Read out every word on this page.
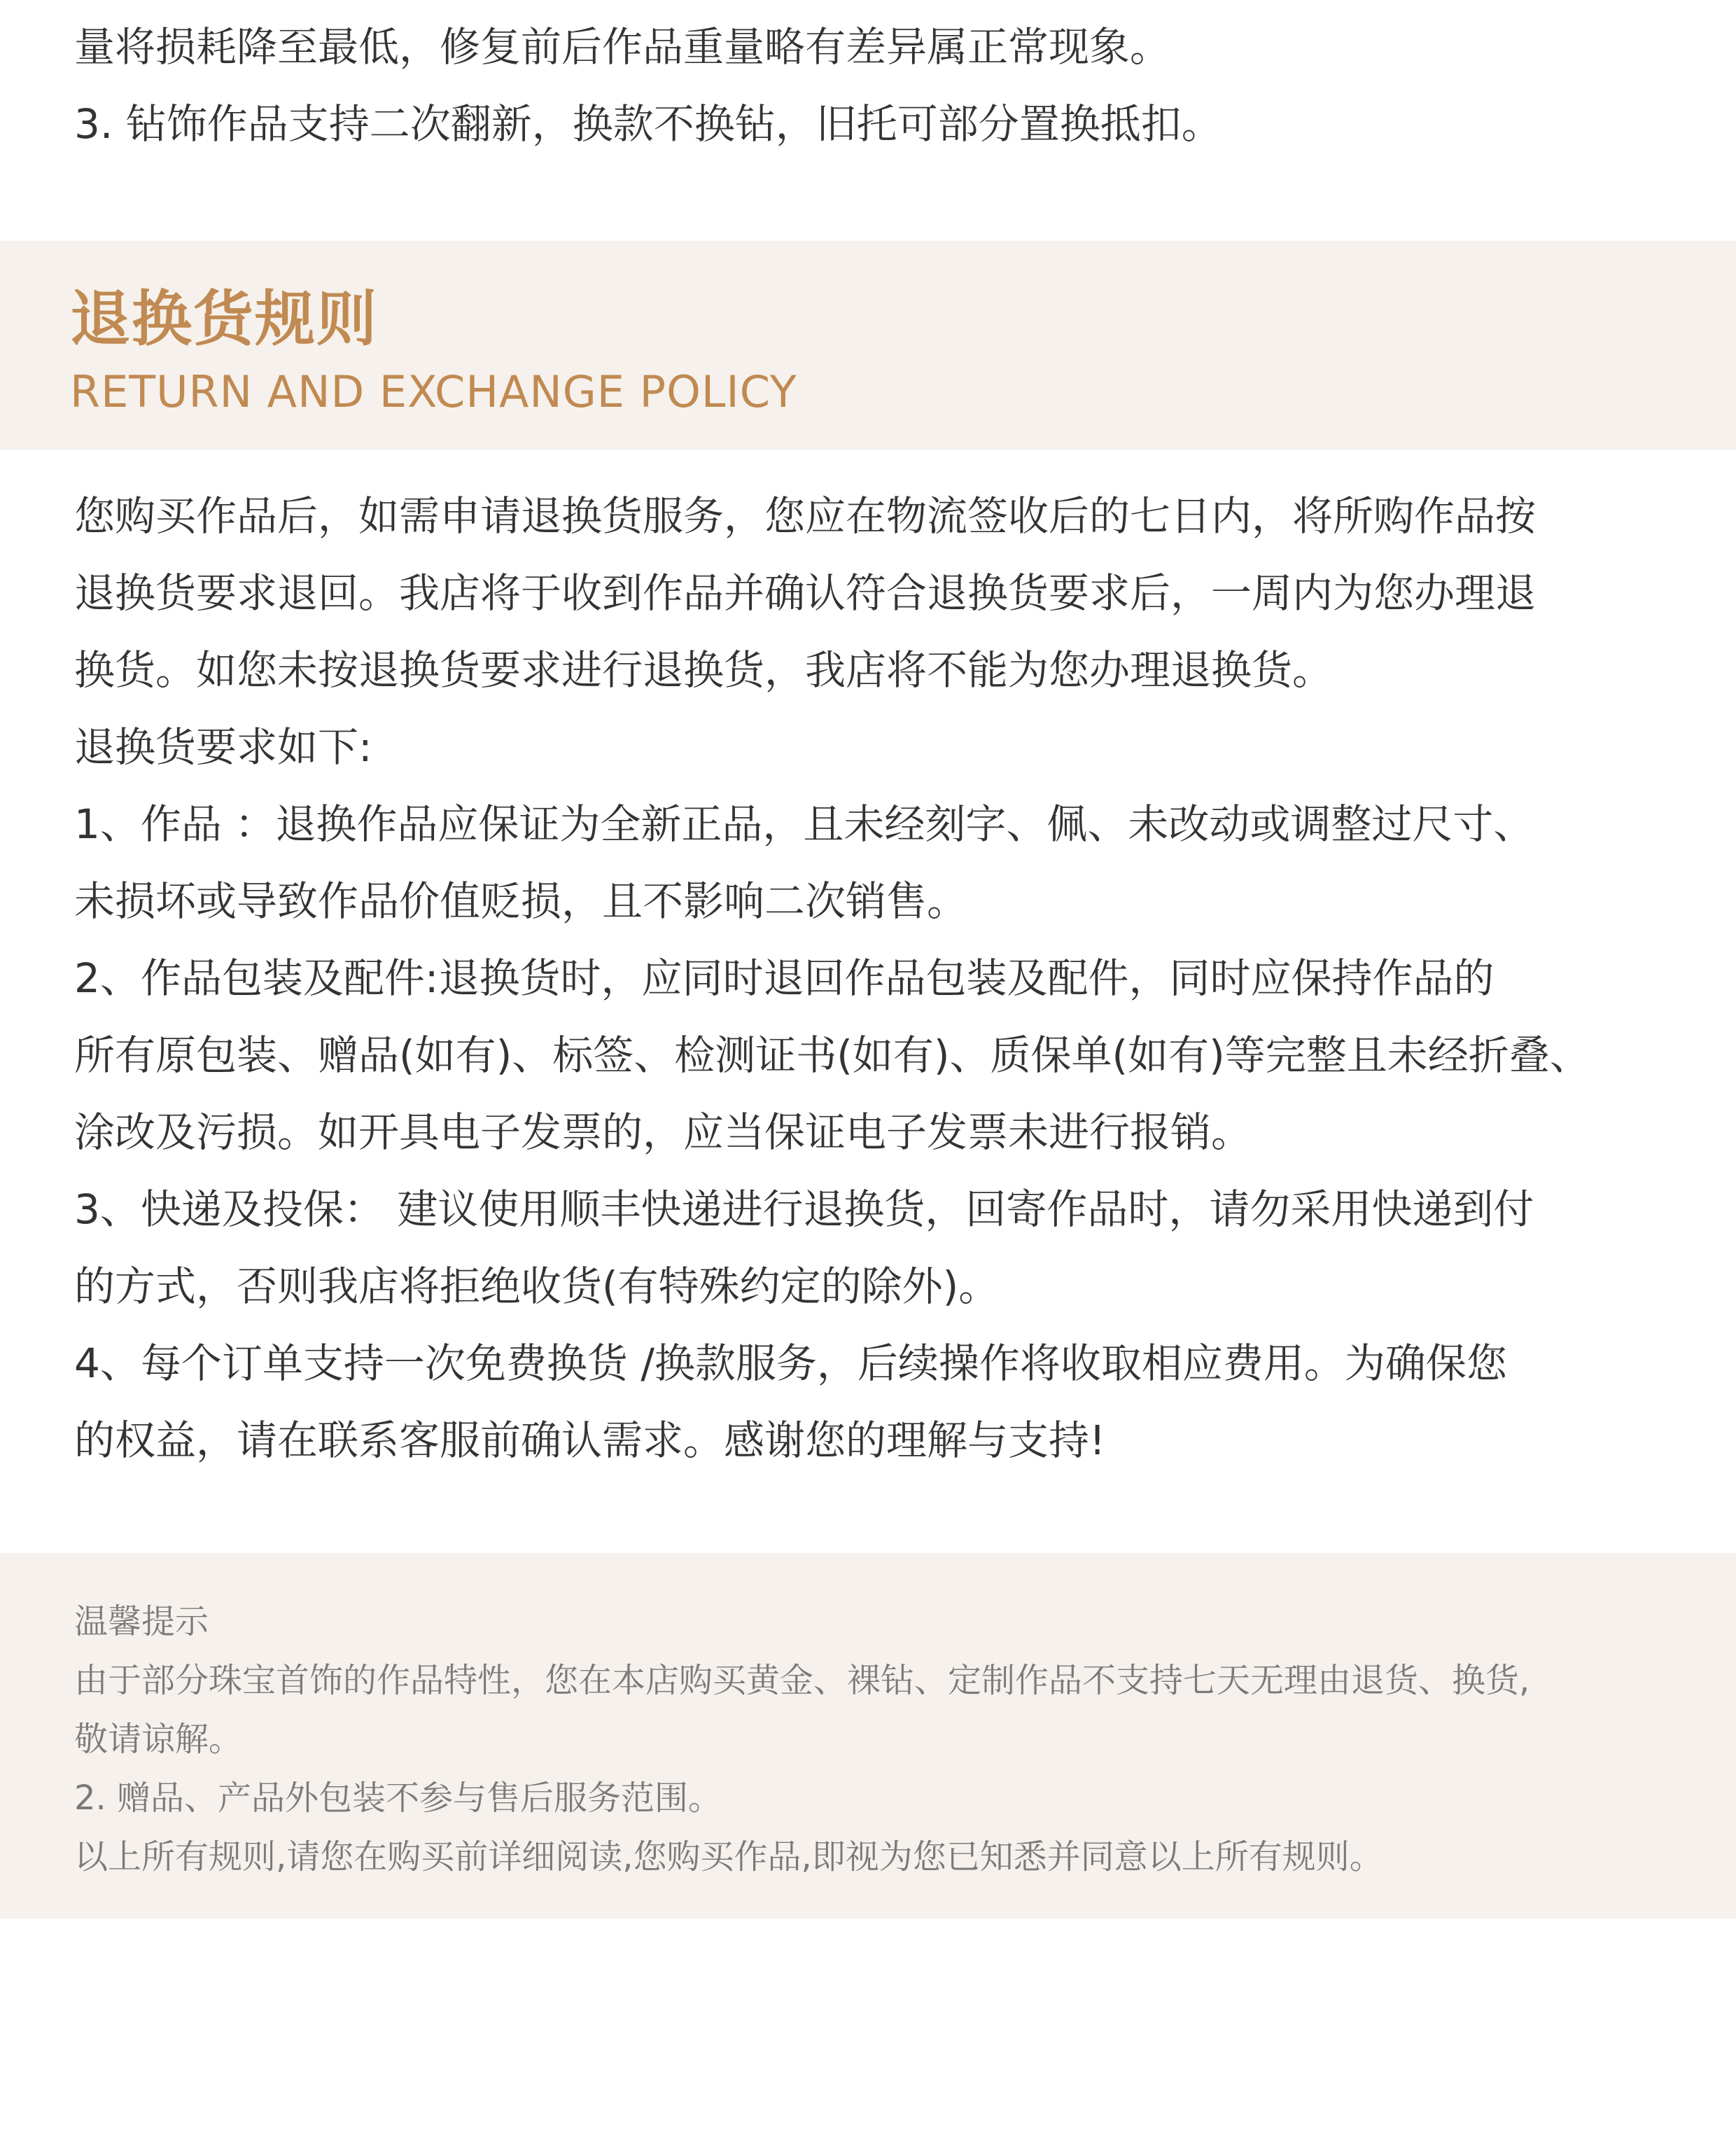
量将损耗降至最低，修复前后作品重量略有差异属正常现象。

3. 钻饰作品支持二次翻新，换款不换钻，旧托可部分置换抵扣。

退换货规则
RETURN AND EXCHANGE POLICY

您购买作品后，如需申请退换货服务，您应在物流签收后的七日内，将所购作品按

退换货要求退回。我店将于收到作品并确认符合退换货要求后，一周内为您办理退

换货。如您未按退换货要求进行退换货，我店将不能为您办理退换货。

退换货要求如下:

1、作品 ：退换作品应保证为全新正品，且未经刻字、佩、未改动或调整过尺寸、

未损坏或导致作品价值贬损，且不影响二次销售。

2、作品包装及配件:退换货时，应同时退回作品包装及配件，同时应保持作品的

所有原包装、赠品(如有)、标签、检测证书(如有)、质保单(如有)等完整且未经折叠、

涂改及污损。如开具电子发票的，应当保证电子发票未进行报销。

3、快递及投保： 建议使用顺丰快递进行退换货，回寄作品时，请勿采用快递到付

的方式，否则我店将拒绝收货(有特殊约定的除外)。

4、每个订单支持一次免费换货 /换款服务，后续操作将收取相应费用。为确保您

的权益，请在联系客服前确认需求。感谢您的理解与支持!

温馨提示

由于部分珠宝首饰的作品特性，您在本店购买黄金、裸钻、定制作品不支持七天无理由退货、换货,

敬请谅解。

2. 赠品、产品外包装不参与售后服务范围。

以上所有规则,请您在购买前详细阅读,您购买作品,即视为您已知悉并同意以上所有规则。
